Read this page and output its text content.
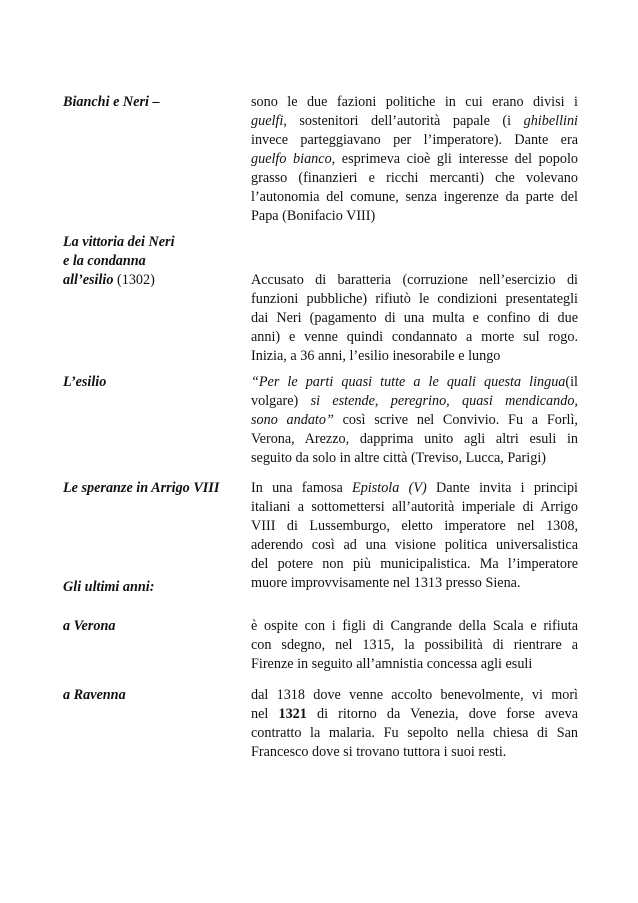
Bianchi e Neri –	sono le due fazioni politiche in cui erano divisi i
guelfi, sostenitori dell’autorità papale (i ghibellini
invece parteggiavano per l’imperatore). Dante era
guelfo bianco, esprimeva cioè gli interesse del popolo
grasso (finanzieri e ricchi mercanti) che volevano
l’autonomia del comune, senza ingerenze da parte del
Papa (Bonifacio VIII)
La vittoria dei Neri
e la condanna
all’esilio (1302)	Accusato di baratteria (corruzione nell’esercizio di
funzioni pubbliche) rifiutò le condizioni presentategli
dai Neri (pagamento di una multa e confino di due
anni) e venne quindi condannato a morte sul rogo.
Inizia, a 36 anni, l’esilio inesorabile e lungo
L’esilio	“Per le parti quasi tutte a le quali questa lingua(il
volgare) si estende, peregrino, quasi mendicando,
sono andato” così scrive nel Convivio. Fu a Forlì,
Verona, Arezzo, dapprima unito agli altri esuli in
seguito da solo in altre città (Treviso, Lucca, Parigi)
Le speranze in Arrigo VIII	In una famosa Epistola (V) Dante invita i principi
italiani a sottomettersi all’autorità imperiale di Arrigo
VIII di Lussemburgo, eletto imperatore nel 1308,
aderendo così ad una visione politica universalistica
del potere non più municipalistica. Ma l’imperatore
muore improvvisamente nel 1313 presso Siena.
Gli ultimi anni:
a Verona	è ospite con i figli di Cangrande della Scala e rifiuta
con sdegno, nel 1315, la possibilità di rientrare a
Firenze in seguito all’amnistia concessa agli esuli
a Ravenna	dal 1318 dove venne accolto benevolmente, vi morì
nel 1321 di ritorno da Venezia, dove forse aveva
contratto la malaria. Fu sepolto nella chiesa di San
Francesco dove si trovano tuttora i suoi resti.
